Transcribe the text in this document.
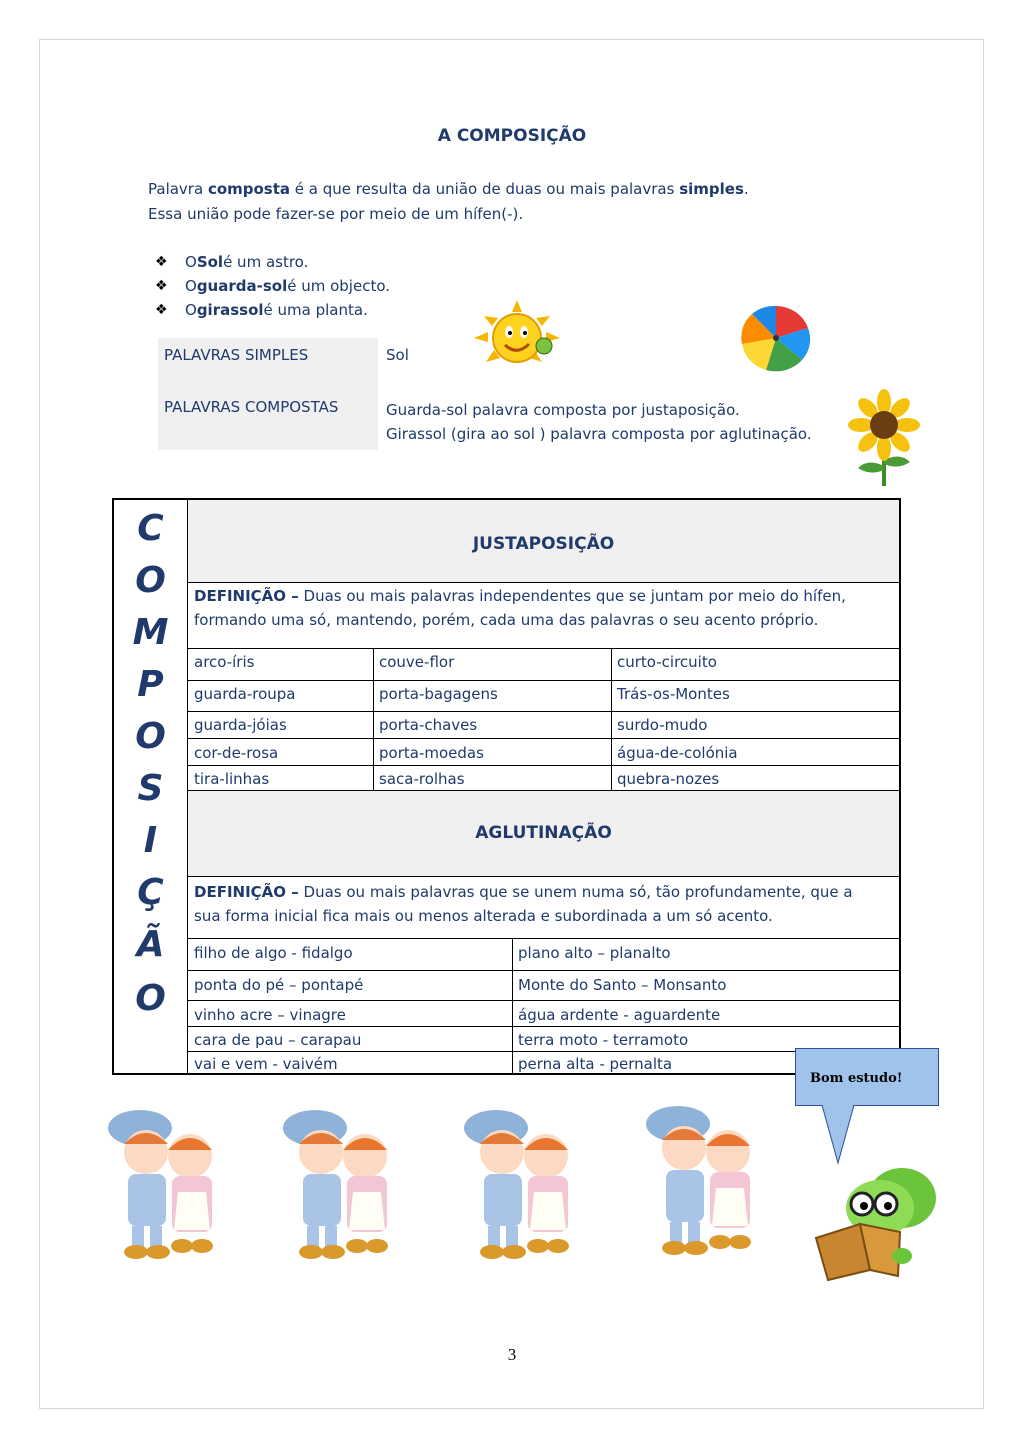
A COMPOSIÇÃO
Palavra composta é a que resulta da união de duas ou mais palavras simples.
Essa união pode fazer-se por meio de um hífen(-).
❖	O Sol é um astro.
❖	O guarda-sol é um objecto.
❖	O girassol é uma planta.
PALAVRAS SIMPLES	Sol
PALAVRAS COMPOSTAS	Guarda-sol palavra composta por justaposição.
Girassol (gira ao sol ) palavra composta por aglutinação.
C
O
M
P
O
S
I
Ç
Ã
O
JUSTAPOSIÇÃO
DEFINIÇÃO – Duas ou mais palavras independentes que se juntam por meio do hífen,
formando uma só, mantendo, porém, cada uma das palavras o seu acento próprio.
arco-íris	couve-flor	curto-circuito
guarda-roupa	porta-bagagens	Trás-os-Montes
guarda-jóias	porta-chaves	surdo-mudo
cor-de-rosa	porta-moedas	água-de-colónia
tira-linhas	saca-rolhas	quebra-nozes
AGLUTINAÇÃO
DEFINIÇÃO – Duas ou mais palavras que se unem numa só, tão profundamente, que a
sua forma inicial fica mais ou menos alterada e subordinada a um só acento.
filho de algo - fidalgo	plano alto – planalto
ponta do pé – pontapé	Monte do Santo – Monsanto
vinho acre – vinagre	água ardente - aguardente
cara de pau – carapau	terra moto - terramoto
vai e vem - vaivém	perna alta - pernalta
Bom estudo!
3
